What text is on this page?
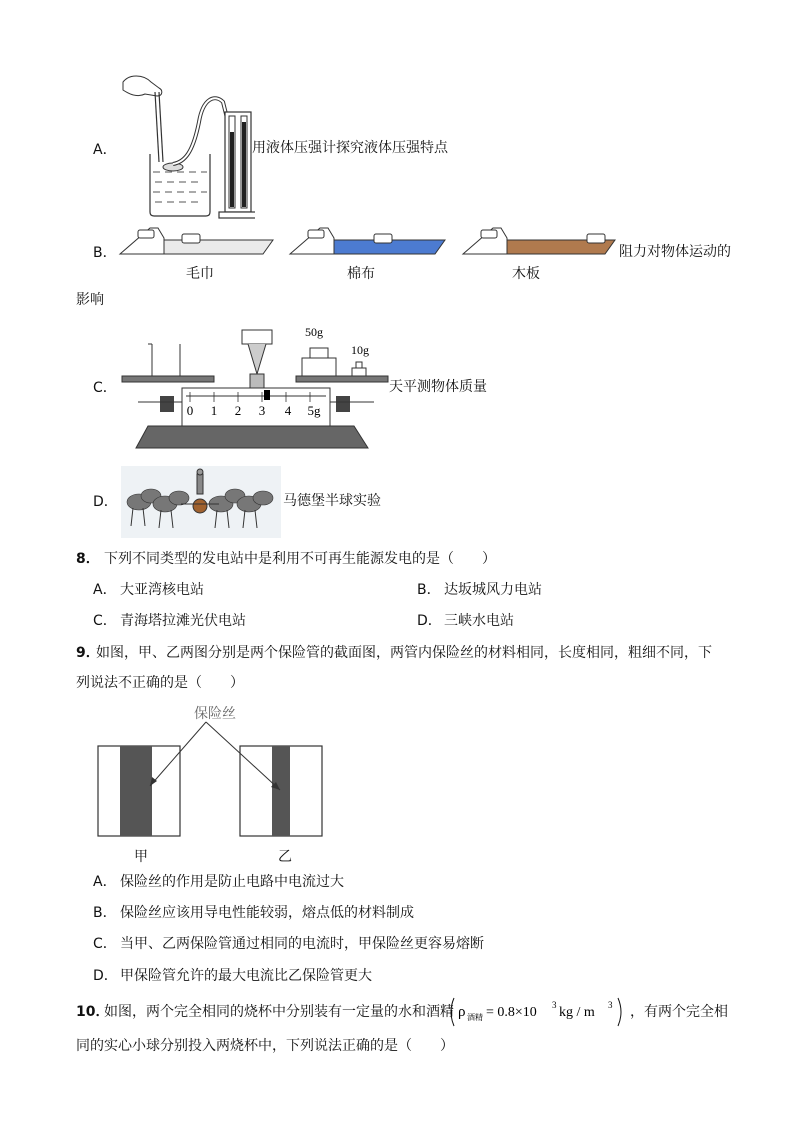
A．	用液体压强计探究液体压强特点
B．
毛巾	棉布	木板
阻力对物体运动的
影响
C．
0 1 2 3 4 5g
50g
10g
天平测物体质量
D．	马德堡半球实验
8． 下列不同类型的发电站中是利用不可再生能源发电的是（　　）
A． 大亚湾核电站	B． 达坂城风力电站
C． 青海塔拉滩光伏电站	D． 三峡水电站
9．
如图，甲、乙两图分别是两个保险管的截面图，两管内保险丝的材料相同，长度相同，粗细不同，下
列说法不正确的是（　　）
保险丝
甲	乙
A． 保险丝的作用是防止电路中电流过大
B． 保险丝应该用导电性能较弱，熔点低的材料制成
C． 当甲、乙两保险管通过相同的电流时，甲保险丝更容易熔断
D． 甲保险管允许的最大电流比乙保险管更大
10．
如图，两个完全相同的烧杯中分别装有一定量的水和酒精 ρ 酒精 = 0.8×10 3 kg / m 3 ，有两个完全相
同的实心小球分别投入两烧杯中，下列说法正确的是（　　）
